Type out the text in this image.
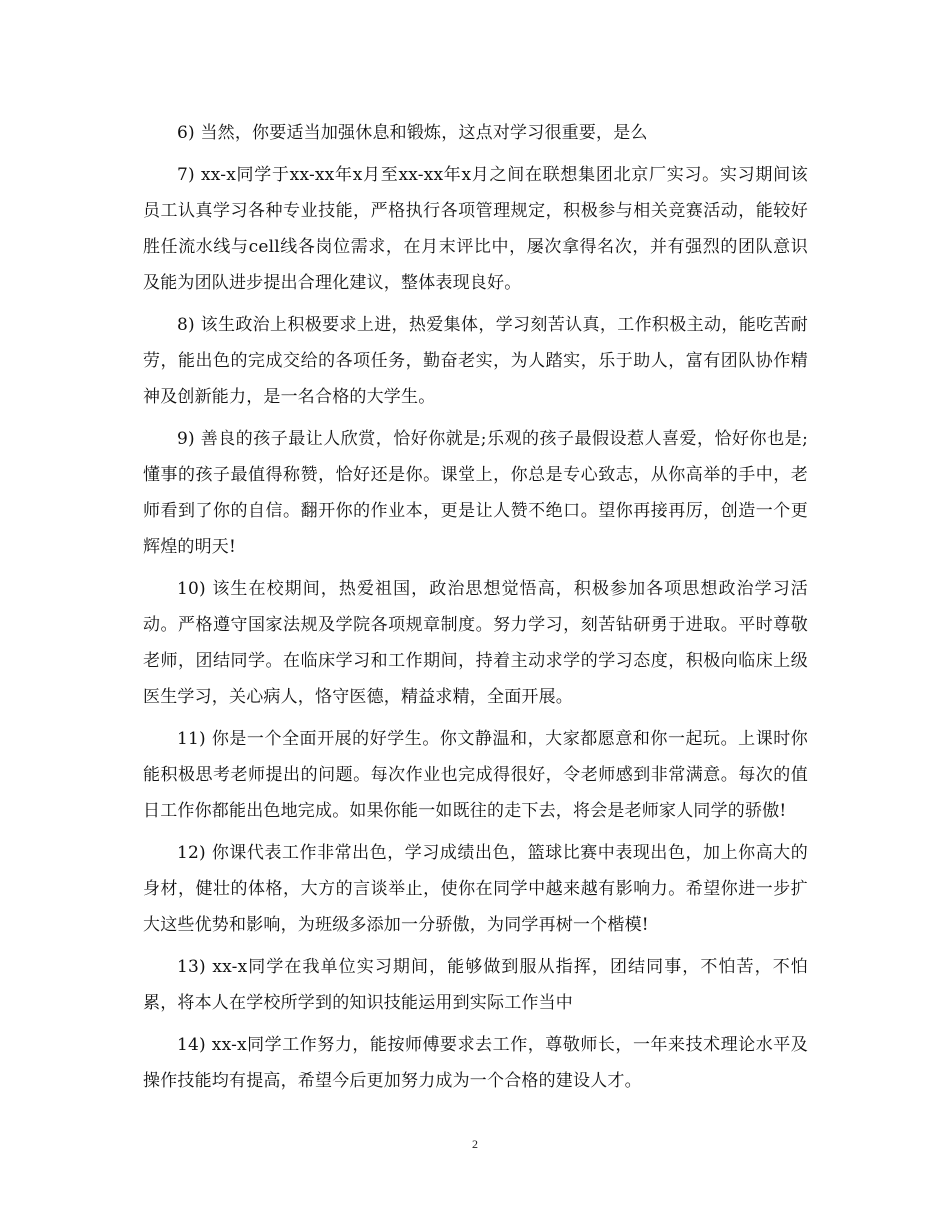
6) 当然，你要适当加强休息和锻炼，这点对学习很重要，是么

7) xx-x同学于xx-xx年x月至xx-xx年x月之间在联想集团北京厂实习。实习期间该员工认真学习各种专业技能，严格执行各项管理规定，积极参与相关竞赛活动，能较好胜任流水线与cell线各岗位需求，在月末评比中，屡次拿得名次，并有强烈的团队意识及能为团队进步提出合理化建议，整体表现良好。

8) 该生政治上积极要求上进，热爱集体，学习刻苦认真，工作积极主动，能吃苦耐劳，能出色的完成交给的各项任务，勤奋老实，为人踏实，乐于助人，富有团队协作精神及创新能力，是一名合格的大学生。

9) 善良的孩子最让人欣赏，恰好你就是;乐观的孩子最假设惹人喜爱，恰好你也是;懂事的孩子最值得称赞，恰好还是你。课堂上，你总是专心致志，从你高举的手中，老师看到了你的自信。翻开你的作业本，更是让人赞不绝口。望你再接再厉，创造一个更辉煌的明天!

10) 该生在校期间，热爱祖国，政治思想觉悟高，积极参加各项思想政治学习活动。严格遵守国家法规及学院各项规章制度。努力学习，刻苦钻研勇于进取。平时尊敬老师，团结同学。在临床学习和工作期间，持着主动求学的学习态度，积极向临床上级医生学习，关心病人，恪守医德，精益求精，全面开展。

11) 你是一个全面开展的好学生。你文静温和，大家都愿意和你一起玩。上课时你能积极思考老师提出的问题。每次作业也完成得很好，令老师感到非常满意。每次的值日工作你都能出色地完成。如果你能一如既往的走下去，将会是老师家人同学的骄傲!

12) 你课代表工作非常出色，学习成绩出色，篮球比赛中表现出色，加上你高大的身材，健壮的体格，大方的言谈举止，使你在同学中越来越有影响力。希望你进一步扩大这些优势和影响，为班级多添加一分骄傲，为同学再树一个楷模!

13) xx-x同学在我单位实习期间，能够做到服从指挥，团结同事，不怕苦，不怕累，将本人在学校所学到的知识技能运用到实际工作当中

14) xx-x同学工作努力，能按师傅要求去工作，尊敬师长，一年来技术理论水平及操作技能均有提高，希望今后更加努力成为一个合格的建设人才。

2
